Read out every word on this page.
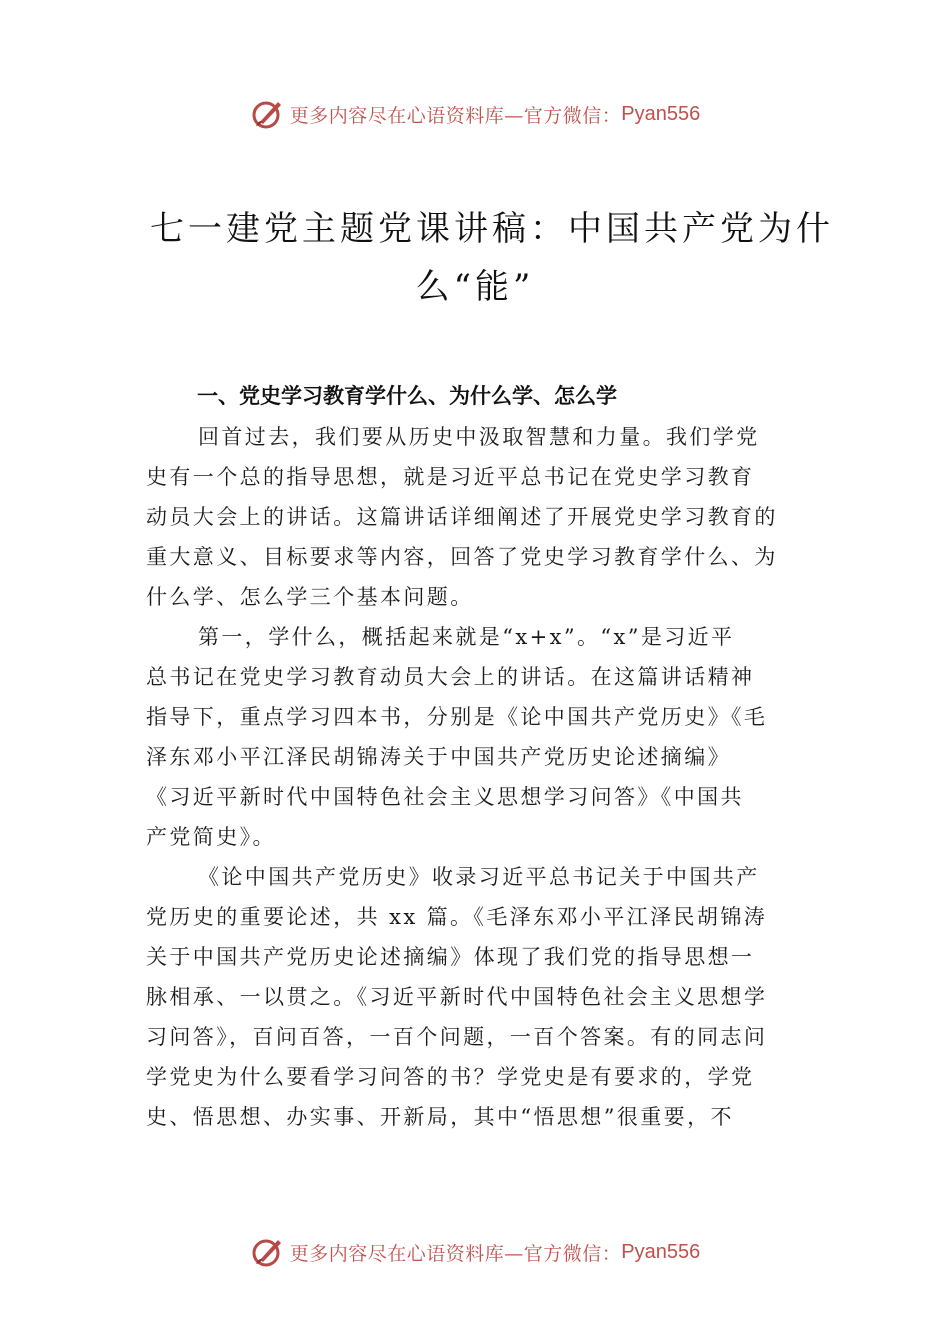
更多内容尽在心语资料库—官方微信： Pyan556
七一建党主题党课讲稿：中国共产党为什
么“能”
一、党史学习教育学什么、为什么学、怎么学
回首过去，我们要从历史中汲取智慧和力量。我们学党
史有一个总的指导思想，就是习近平总书记在党史学习教育
动员大会上的讲话。这篇讲话详细阐述了开展党史学习教育的
重大意义、目标要求等内容，回答了党史学习教育学什么、为
什么学、怎么学三个基本问题。
第一，学什么，概括起来就是“x+x”。“x”是习近平
总书记在党史学习教育动员大会上的讲话。在这篇讲话精神
指导下，重点学习四本书，分别是《论中国共产党历史》《毛
泽东邓小平江泽民胡锦涛关于中国共产党历史论述摘编》
《习近平新时代中国特色社会主义思想学习问答》《中国共
产党简史》。
《论中国共产党历史》收录习近平总书记关于中国共产
党历史的重要论述，共 xx 篇。《毛泽东邓小平江泽民胡锦涛
关于中国共产党历史论述摘编》体现了我们党的指导思想一
脉相承、一以贯之。《习近平新时代中国特色社会主义思想学
习问答》，百问百答，一百个问题，一百个答案。有的同志问
学党史为什么要看学习问答的书？学党史是有要求的，学党
史、悟思想、办实事、开新局，其中“悟思想”很重要，不
更多内容尽在心语资料库—官方微信： Pyan556
